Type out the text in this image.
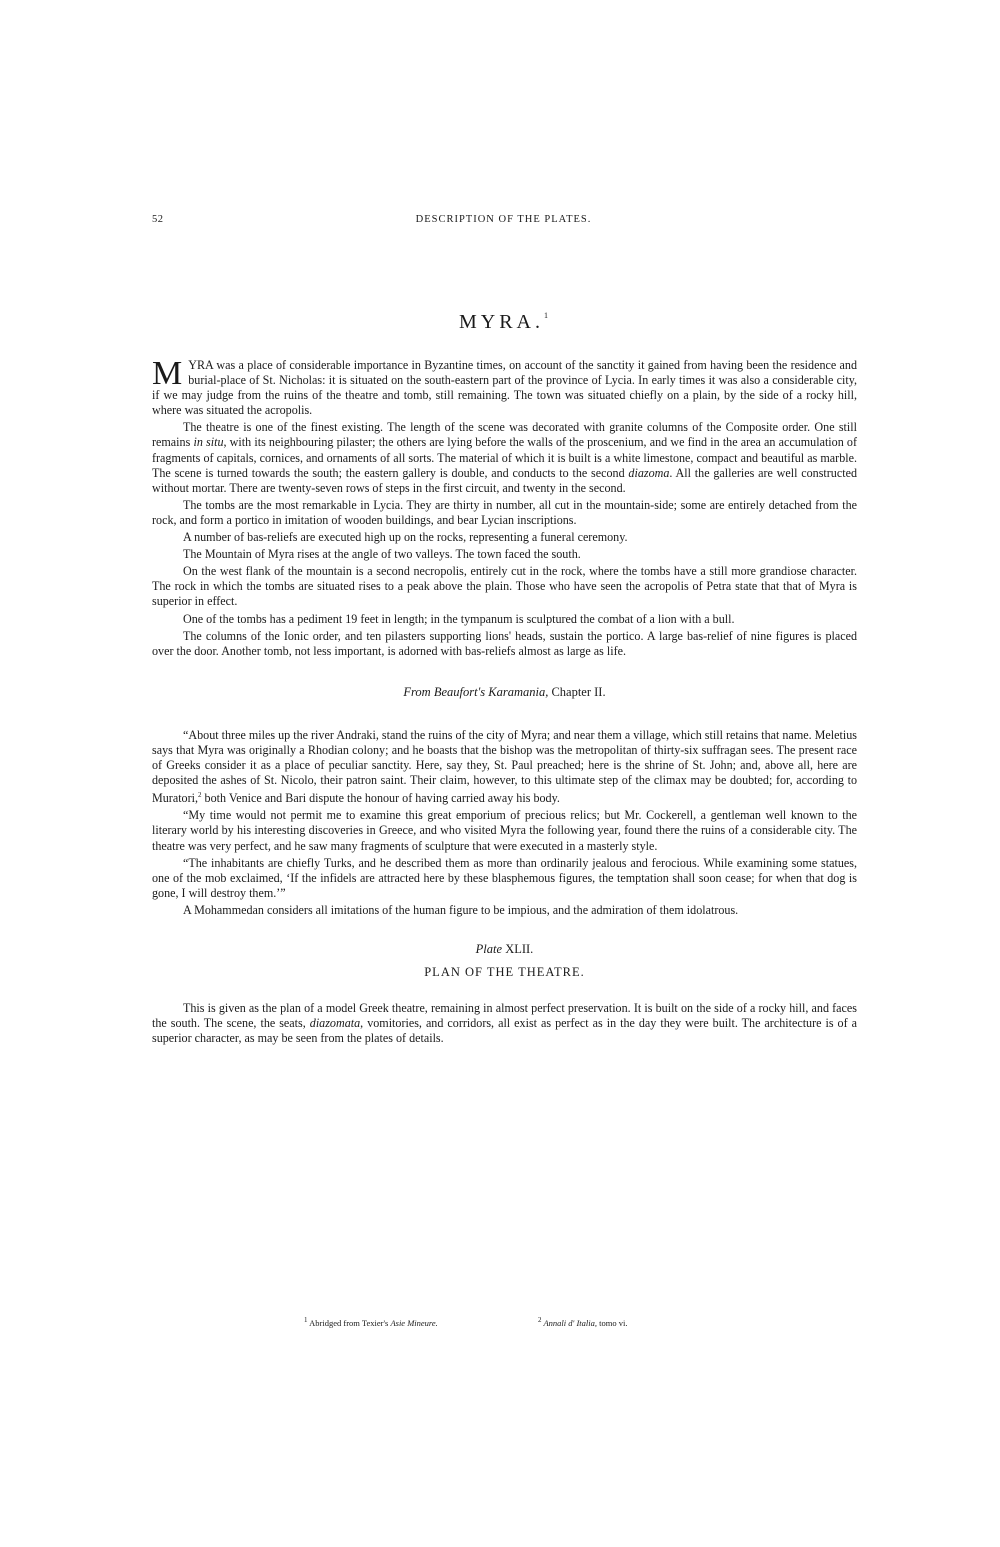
52	DESCRIPTION OF THE PLATES.
MYRA.$^1$

MYRA was a place of considerable importance in Byzantine times, on account of the sanctity it gained from having been the residence and burial-place of St. Nicholas: it is situated on the south-eastern part of the province of Lycia. In early times it was also a considerable city, if we may judge from the ruins of the theatre and tomb, still remaining. The town was situated chiefly on a plain, by the side of a rocky hill, where was situated the acropolis.

The theatre is one of the finest existing. The length of the scene was decorated with granite columns of the Composite order. One still remains in situ, with its neighbouring pilaster; the others are lying before the walls of the proscenium, and we find in the area an accumulation of fragments of capitals, cornices, and ornaments of all sorts. The material of which it is built is a white limestone, compact and beautiful as marble. The scene is turned towards the south; the eastern gallery is double, and conducts to the second diazoma. All the galleries are well constructed without mortar. There are twenty-seven rows of steps in the first circuit, and twenty in the second.

The tombs are the most remarkable in Lycia. They are thirty in number, all cut in the mountain-side; some are entirely detached from the rock, and form a portico in imitation of wooden buildings, and bear Lycian inscriptions.

A number of bas-reliefs are executed high up on the rocks, representing a funeral ceremony.

The Mountain of Myra rises at the angle of two valleys. The town faced the south.

On the west flank of the mountain is a second necropolis, entirely cut in the rock, where the tombs have a still more grandiose character. The rock in which the tombs are situated rises to a peak above the plain. Those who have seen the acropolis of Petra state that that of Myra is superior in effect.

One of the tombs has a pediment 19 feet in length; in the tympanum is sculptured the combat of a lion with a bull.

The columns of the Ionic order, and ten pilasters supporting lions' heads, sustain the portico. A large bas-relief of nine figures is placed over the door. Another tomb, not less important, is adorned with bas-reliefs almost as large as life.

From Beaufort's Karamania, Chapter II.

“About three miles up the river Andraki, stand the ruins of the city of Myra; and near them a village, which still retains that name. Meletius says that Myra was originally a Rhodian colony; and he boasts that the bishop was the metropolitan of thirty-six suffragan sees. The present race of Greeks consider it as a place of peculiar sanctity. Here, say they, St. Paul preached; here is the shrine of St. John; and, above all, here are deposited the ashes of St. Nicolo, their patron saint. Their claim, however, to this ultimate step of the climax may be doubted; for, according to Muratori,$^2$ both Venice and Bari dispute the honour of having carried away his body.

“My time would not permit me to examine this great emporium of precious relics; but Mr. Cockerell, a gentleman well known to the literary world by his interesting discoveries in Greece, and who visited Myra the following year, found there the ruins of a considerable city. The theatre was very perfect, and he saw many fragments of sculpture that were executed in a masterly style.

“The inhabitants are chiefly Turks, and he described them as more than ordinarily jealous and ferocious. While examining some statues, one of the mob exclaimed, ‘If the infidels are attracted here by these blasphemous figures, the temptation shall soon cease; for when that dog is gone, I will destroy them.’”

A Mohammedan considers all imitations of the human figure to be impious, and the admiration of them idolatrous.

Plate XLII.
PLAN OF THE THEATRE.

This is given as the plan of a model Greek theatre, remaining in almost perfect preservation. It is built on the side of a rocky hill, and faces the south. The scene, the seats, diazomata, vomitories, and corridors, all exist as perfect as in the day they were built. The architecture is of a superior character, as may be seen from the plates of details.

$^1$ Abridged from Texier's Asie Mineure.	$^2$ Annali d' Italia, tomo vi.
